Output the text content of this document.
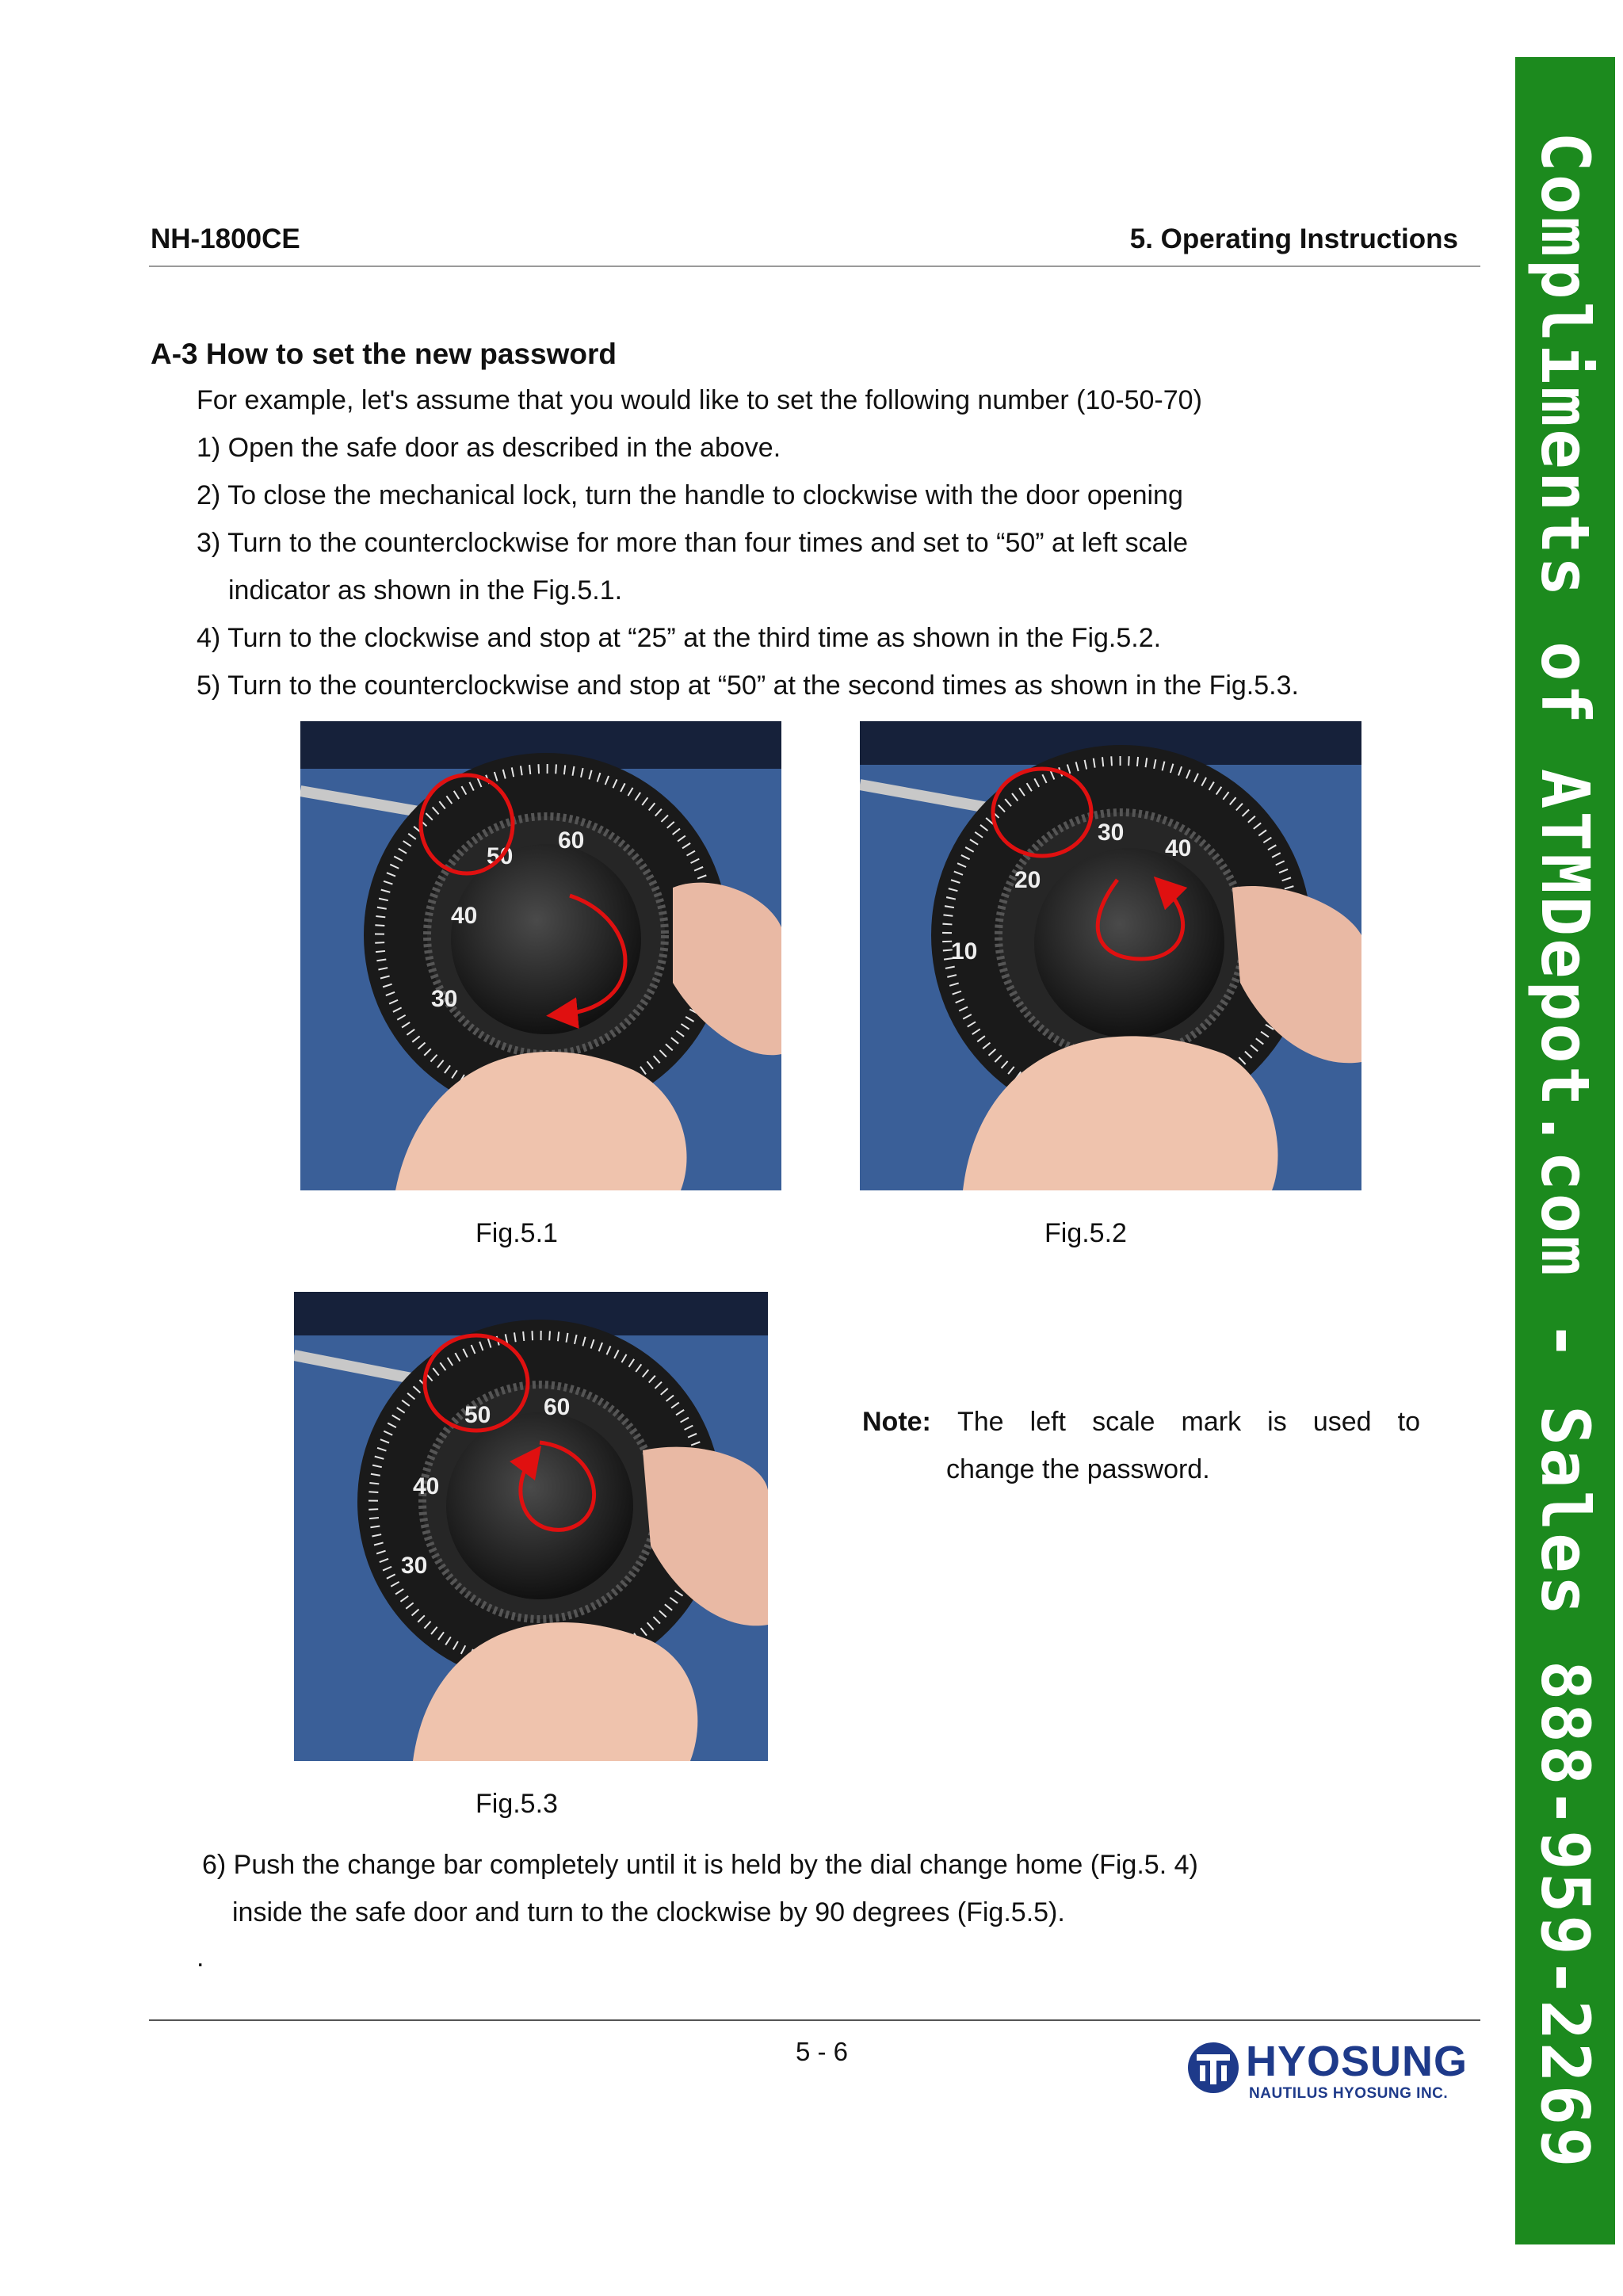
NH-1800CE	5. Operating Instructions
A-3 How to set the new password
For example, let's assume that you would like to set the following number (10-50-70)
1) Open the safe door as described in the above.
2) To close the mechanical lock, turn the handle to clockwise with the door opening
3) Turn to the counterclockwise for more than four times and set to “50” at left scale
indicator as shown in the Fig.5.1.
4) Turn to the clockwise and stop at “25” at the third time as shown in the Fig.5.2.
5) Turn to the counterclockwise and stop at “50” at the second times as shown in the Fig.5.3.
50
60
40
30
Fig.5.1
30
40
20
10
Fig.5.2
50 60
40
30
Fig.5.3
Note: The left scale mark is used to
change the password.
6) Push the change bar completely until it is held by the dial change home (Fig.5. 4)
inside the safe door and turn to the clockwise by 90 degrees (Fig.5.5).
.
5 - 6	HYOSUNG
NAUTILUS HYOSUNG INC. Compliments of ATMDepot.com - Sales 888-959-2269
